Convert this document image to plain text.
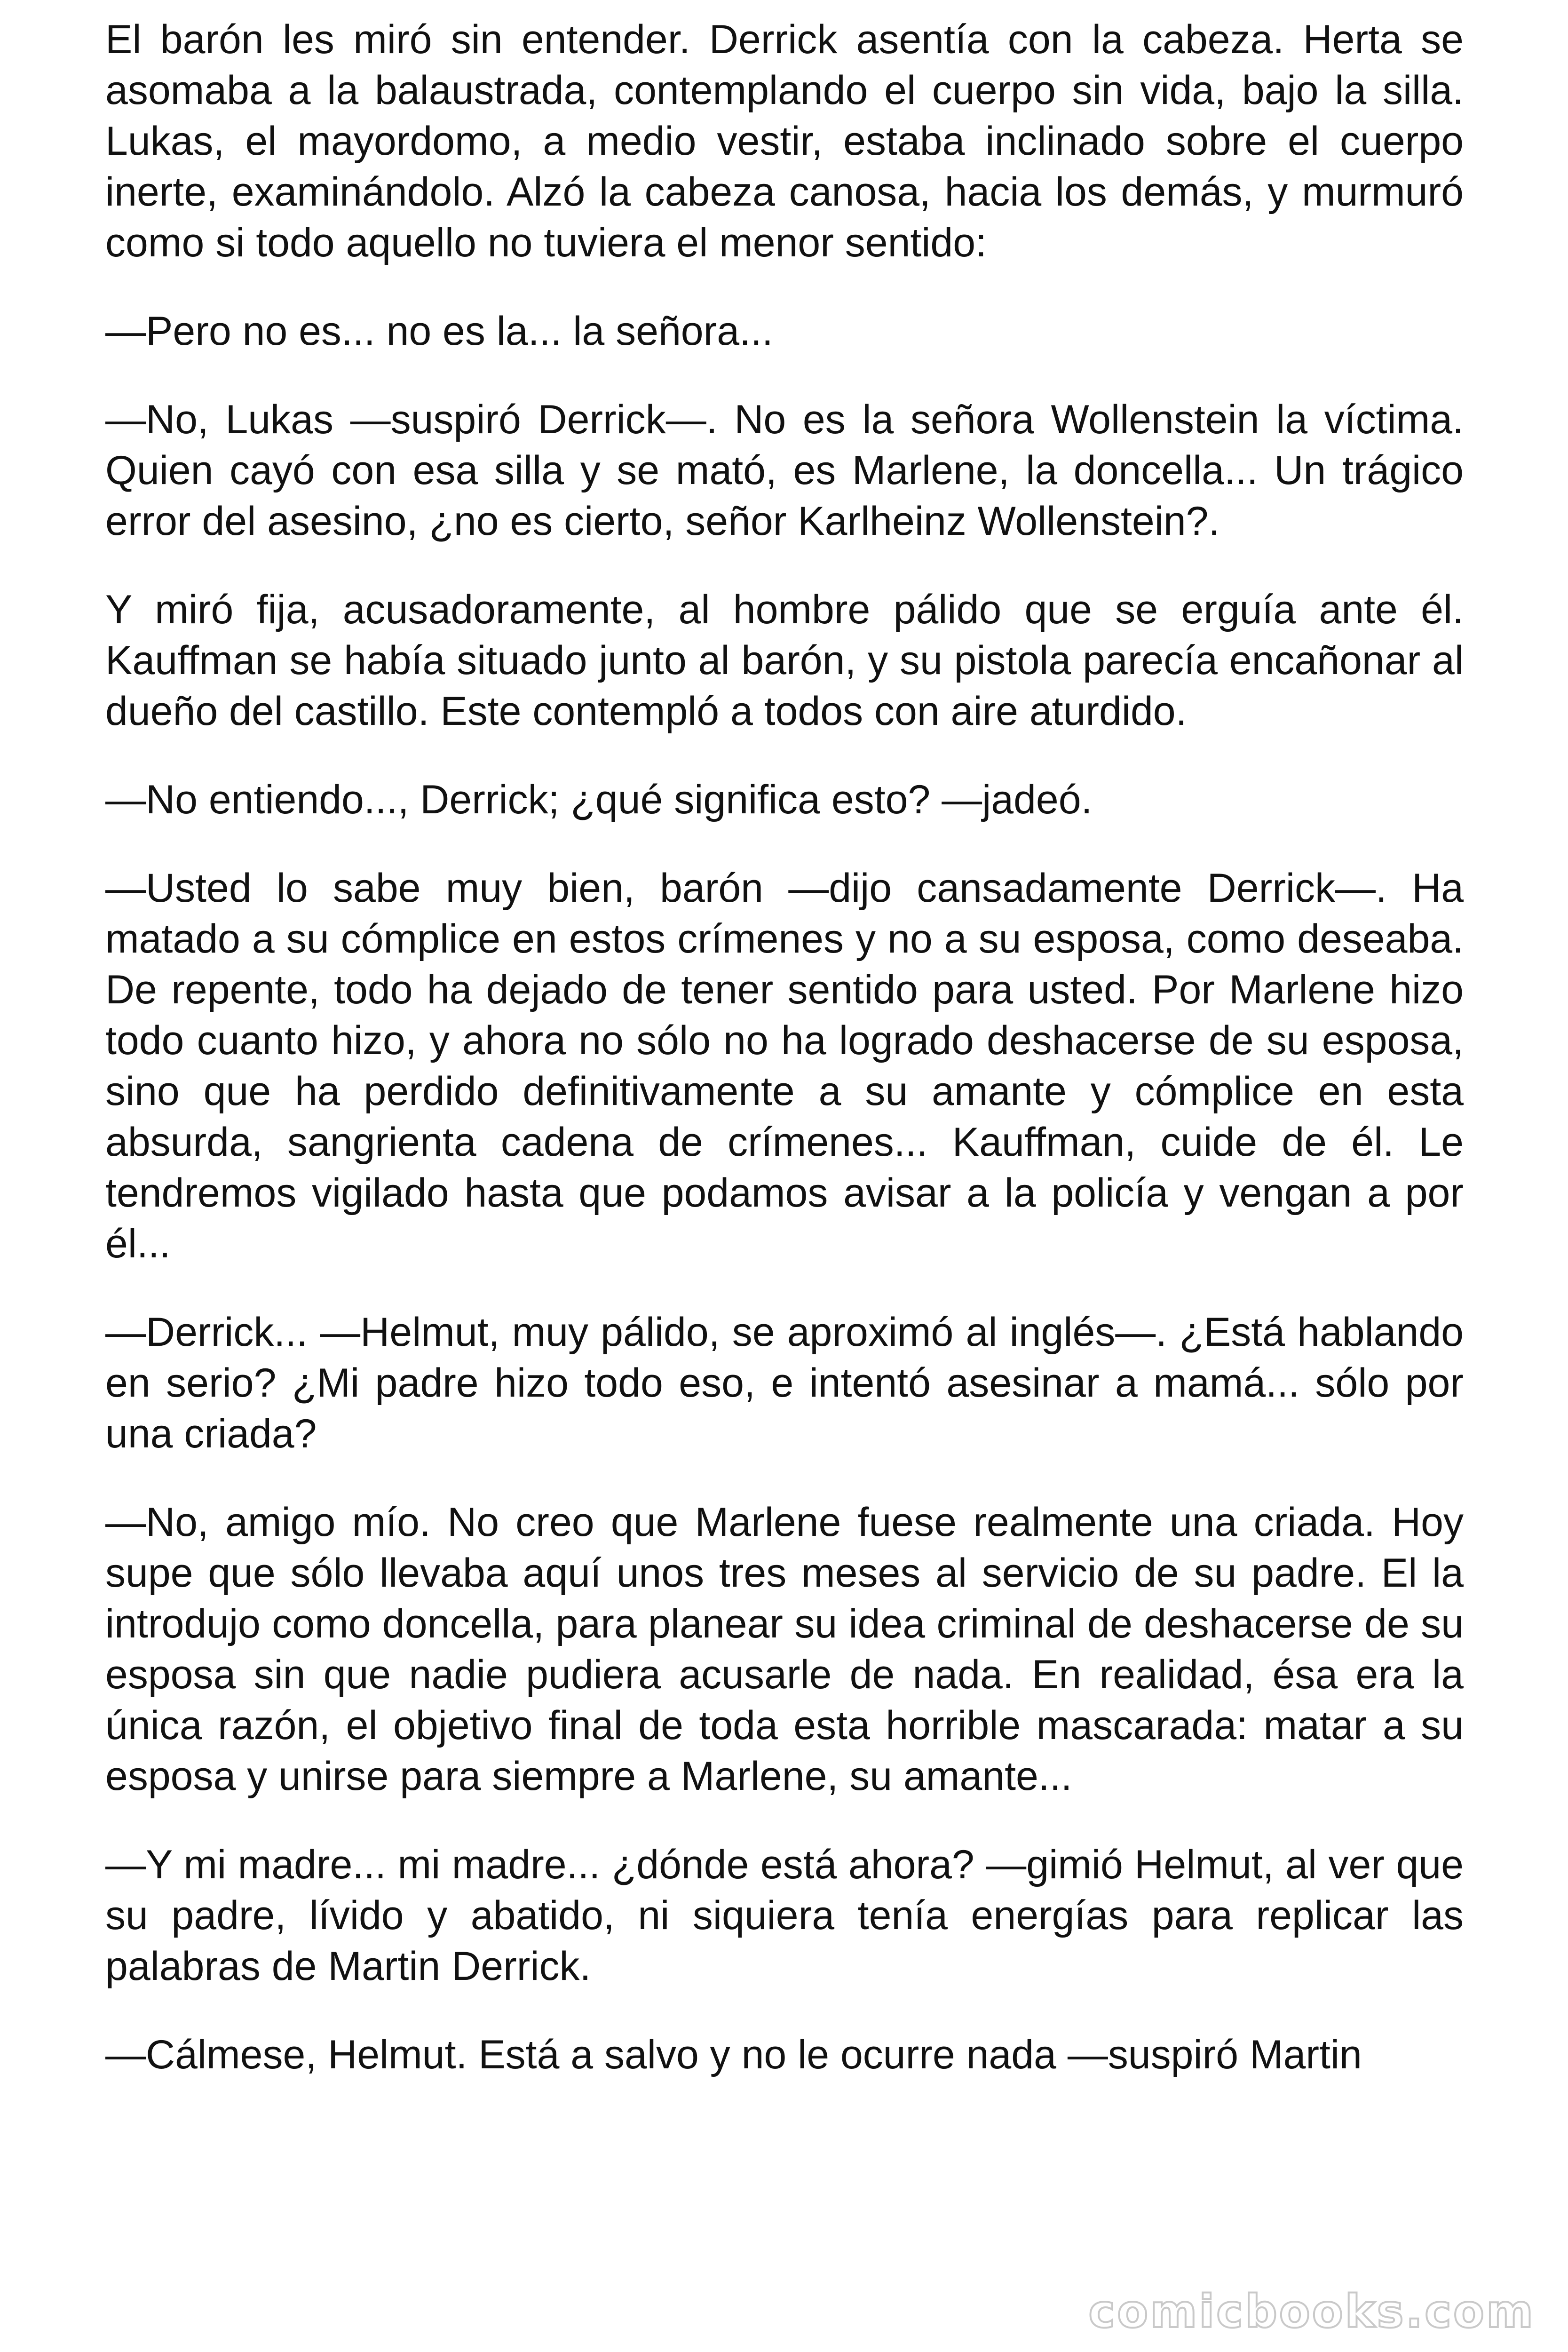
El barón les miró sin entender. Derrick asentía con la cabeza. Herta se asomaba a la balaustrada, contemplando el cuerpo sin vida, bajo la silla. Lukas, el mayordomo, a medio vestir, estaba inclinado sobre el cuerpo inerte, examinándolo. Alzó la cabeza canosa, hacia los demás, y murmuró como si todo aquello no tuviera el menor sentido:

—Pero no es... no es la... la señora...

—No, Lukas —suspiró Derrick—. No es la señora Wollenstein la víctima. Quien cayó con esa silla y se mató, es Marlene, la doncella... Un trágico error del asesino, ¿no es cierto, señor Karlheinz Wollenstein?.

Y miró fija, acusadoramente, al hombre pálido que se erguía ante él. Kauffman se había situado junto al barón, y su pistola parecía encañonar al dueño del castillo. Este contempló a todos con aire aturdido.

—No entiendo..., Derrick; ¿qué significa esto? —jadeó.

—Usted lo sabe muy bien, barón —dijo cansadamente Derrick—. Ha matado a su cómplice en estos crímenes y no a su esposa, como deseaba. De repente, todo ha dejado de tener sentido para usted. Por Marlene hizo todo cuanto hizo, y ahora no sólo no ha logrado deshacerse de su esposa, sino que ha perdido definitivamente a su amante y cómplice en esta absurda, sangrienta cadena de crímenes... Kauffman, cuide de él. Le tendremos vigilado hasta que podamos avisar a la policía y vengan a por él...

—Derrick... —Helmut, muy pálido, se aproximó al inglés—. ¿Está hablando en serio? ¿Mi padre hizo todo eso, e intentó asesinar a mamá... sólo por una criada?

—No, amigo mío. No creo que Marlene fuese realmente una criada. Hoy supe que sólo llevaba aquí unos tres meses al servicio de su padre. El la introdujo como doncella, para planear su idea criminal de deshacerse de su esposa sin que nadie pudiera acusarle de nada. En realidad, ésa era la única razón, el objetivo final de toda esta horrible mascarada: matar a su esposa y unirse para siempre a Marlene, su amante...

—Y mi madre... mi madre... ¿dónde está ahora? —gimió Helmut, al ver que su padre, lívido y abatido, ni siquiera tenía energías para replicar las palabras de Martin Derrick.

—Cálmese, Helmut. Está a salvo y no le ocurre nada —suspiró Martin

comicbooks.com
